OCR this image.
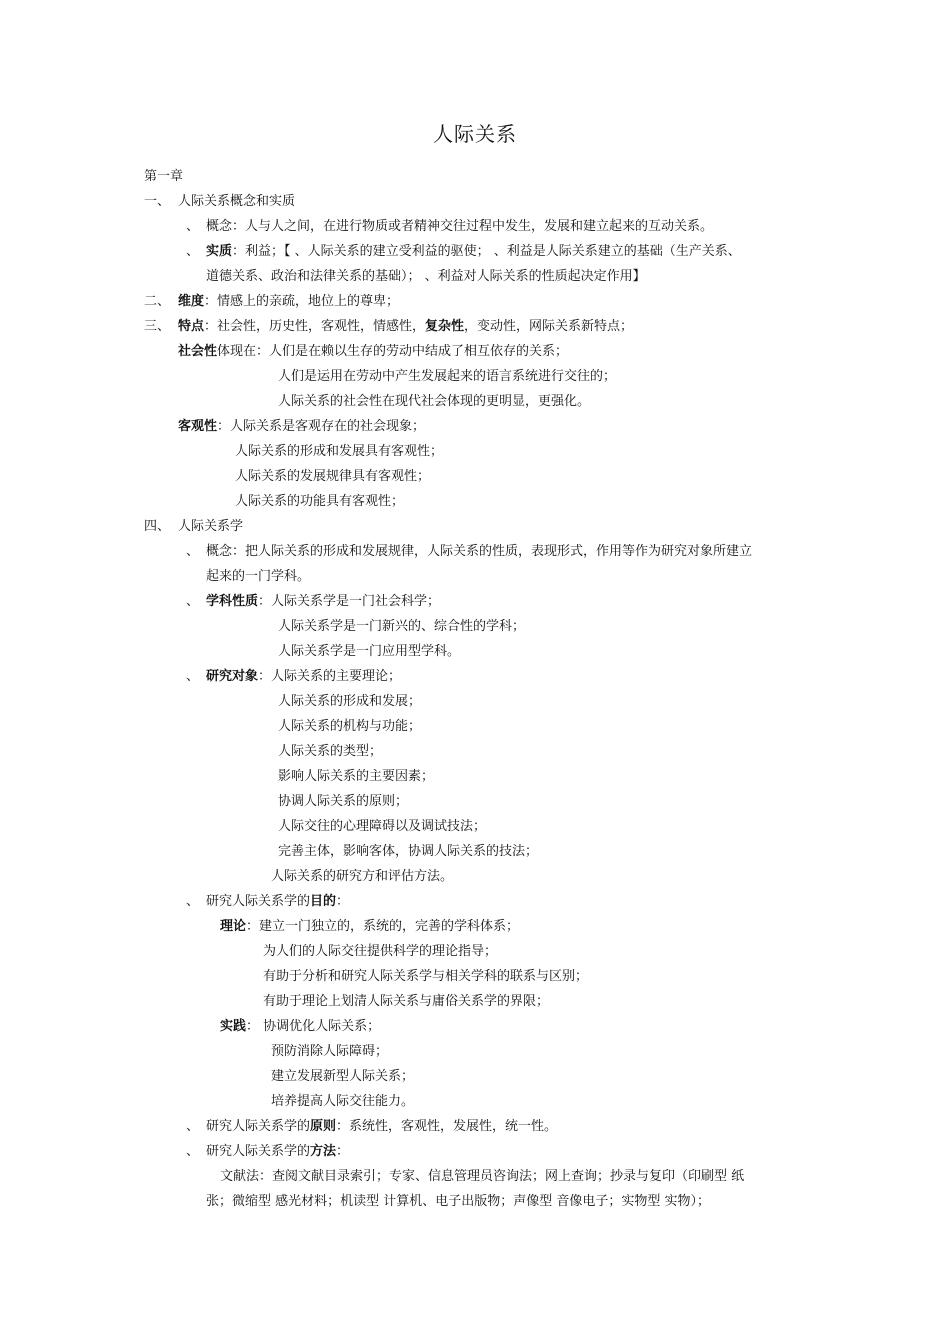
人际关系
第一章
一、 人际关系概念和实质
、 概念：人与人之间，在进行物质或者精神交往过程中发生，发展和建立起来的互动关系。
、 实质：利益；【 、人际关系的建立受利益的驱使； 、利益是人际关系建立的基础（生产关系、
道德关系、政治和法律关系的基础）； 、利益对人际关系的性质起决定作用】
二、 维度：情感上的亲疏，地位上的尊卑；
三、 特点：社会性，历史性，客观性，情感性，复杂性，变动性，网际关系新特点；
社会性体现在：人们是在赖以生存的劳动中结成了相互依存的关系；
人们是运用在劳动中产生发展起来的语言系统进行交往的；
人际关系的社会性在现代社会体现的更明显，更强化。
客观性：人际关系是客观存在的社会现象；
人际关系的形成和发展具有客观性；
人际关系的发展规律具有客观性；
人际关系的功能具有客观性；
四、 人际关系学
、 概念：把人际关系的形成和发展规律，人际关系的性质，表现形式，作用等作为研究对象所建立
起来的一门学科。
、 学科性质：人际关系学是一门社会科学；
人际关系学是一门新兴的、综合性的学科；
人际关系学是一门应用型学科。
、 研究对象：人际关系的主要理论；
人际关系的形成和发展；
人际关系的机构与功能；
人际关系的类型；
影响人际关系的主要因素；
协调人际关系的原则；
人际交往的心理障碍以及调试技法；
完善主体，影响客体，协调人际关系的技法；
人际关系的研究方和评估方法。
、 研究人际关系学的目的：
理论：建立一门独立的，系统的，完善的学科体系；
为人们的人际交往提供科学的理论指导；
有助于分析和研究人际关系学与相关学科的联系与区别；
有助于理论上划清人际关系与庸俗关系学的界限；
实践： 协调优化人际关系；
预防消除人际障碍；
建立发展新型人际关系；
培养提高人际交往能力。
、 研究人际关系学的原则：系统性，客观性，发展性，统一性。
、 研究人际关系学的方法：
文献法：查阅文献目录索引；专家、信息管理员咨询法；网上查询；抄录与复印（印刷型 纸
张；微缩型 感光材料；机读型 计算机、电子出版物；声像型 音像电子；实物型 实物）；
